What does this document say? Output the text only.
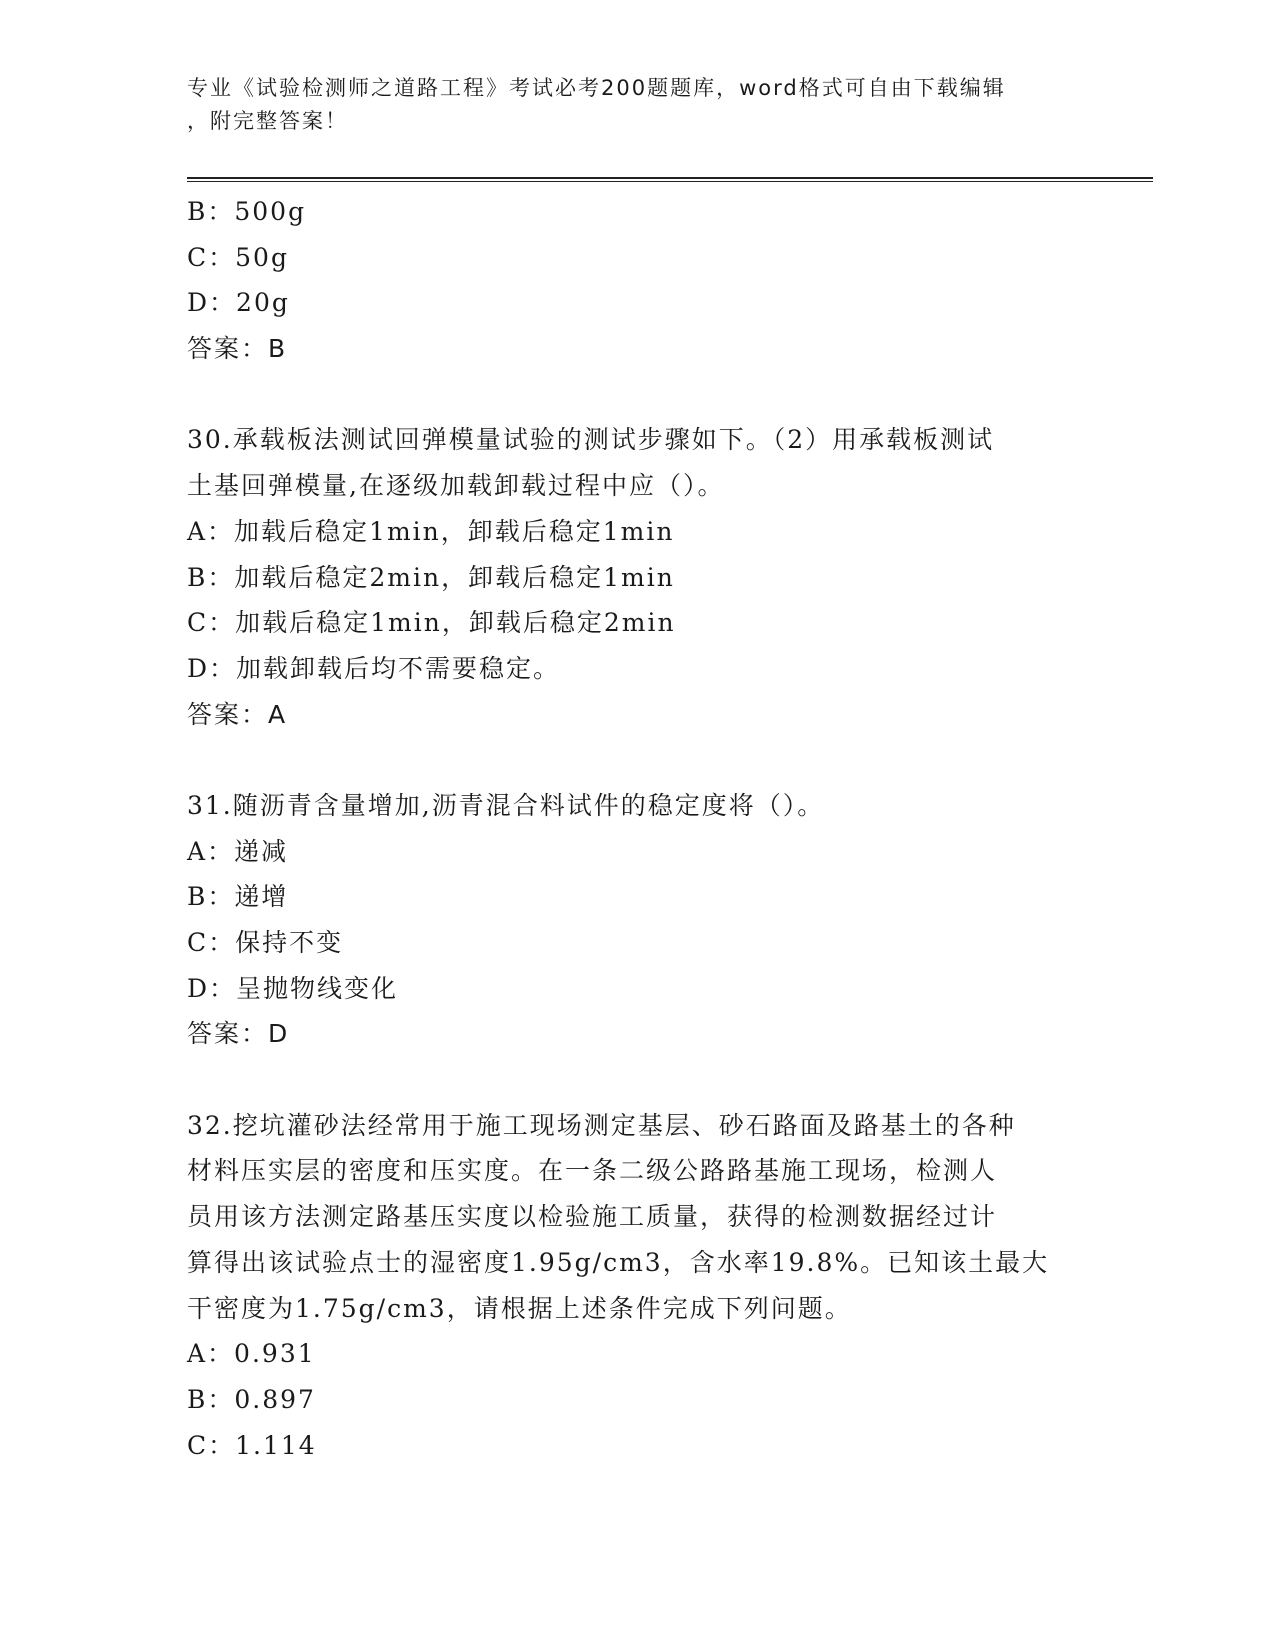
专业《试验检测师之道路工程》考试必考200题题库，word格式可自由下载编辑
，附完整答案！
B：500g
C：50g
D：20g
答案：B
30.承载板法测试回弹模量试验的测试步骤如下。（2）用承载板测试
土基回弹模量,在逐级加载卸载过程中应（）。
A：加载后稳定1min，卸载后稳定1min
B：加载后稳定2min，卸载后稳定1min
C：加载后稳定1min，卸载后稳定2min
D：加载卸载后均不需要稳定。
答案：A
31.随沥青含量增加,沥青混合料试件的稳定度将（）。
A：递减
B：递增
C：保持不变
D：呈抛物线变化
答案：D
32.挖坑灌砂法经常用于施工现场测定基层、砂石路面及路基土的各种
材料压实层的密度和压实度。在一条二级公路路基施工现场，检测人
员用该方法测定路基压实度以检验施工质量，获得的检测数据经过计
算得出该试验点士的湿密度1.95g/cm3，含水率19.8%。已知该土最大
干密度为1.75g/cm3，请根据上述条件完成下列问题。
A：0.931
B：0.897
C：1.114
